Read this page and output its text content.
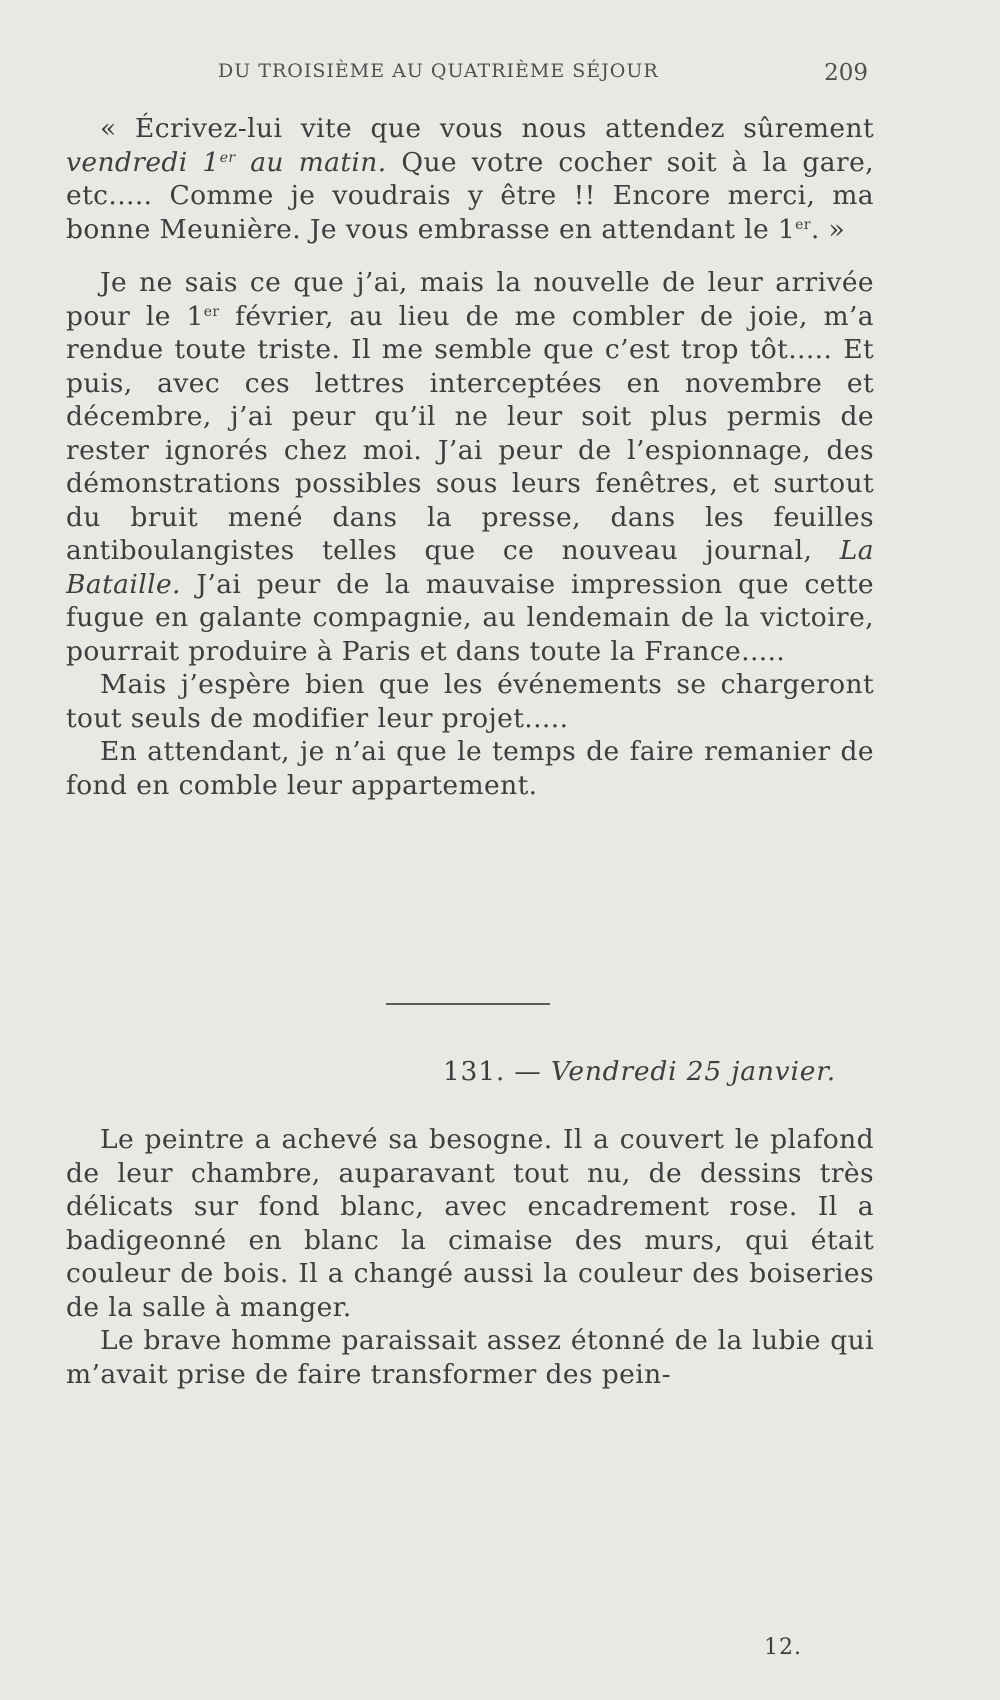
DU TROISIÈME AU QUATRIÈME SÉJOUR	209

« Écrivez-lui vite que vous nous attendez sûrement vendredi 1er au matin. Que votre cocher soit à la gare, etc..... Comme je voudrais y être !! Encore merci, ma bonne Meunière. Je vous embrasse en attendant le 1er. »

Je ne sais ce que j’ai, mais la nouvelle de leur arrivée pour le 1er février, au lieu de me combler de joie, m’a rendue toute triste. Il me semble que c’est trop tôt..... Et puis, avec ces lettres interceptées en novembre et décembre, j’ai peur qu’il ne leur soit plus permis de rester ignorés chez moi. J’ai peur de l’espionnage, des démonstrations possibles sous leurs fenêtres, et surtout du bruit mené dans la presse, dans les feuilles antiboulangistes telles que ce nouveau journal, La Bataille. J’ai peur de la mauvaise impression que cette fugue en galante compagnie, au lendemain de la victoire, pourrait produire à Paris et dans toute la France.....

Mais j’espère bien que les événements se chargeront tout seuls de modifier leur projet.....

En attendant, je n’ai que le temps de faire remanier de fond en comble leur appartement.

131. — Vendredi 25 janvier.

Le peintre a achevé sa besogne. Il a couvert le plafond de leur chambre, auparavant tout nu, de dessins très délicats sur fond blanc, avec encadrement rose. Il a badigeonné en blanc la cimaise des murs, qui était couleur de bois. Il a changé aussi la couleur des boiseries de la salle à manger.

Le brave homme paraissait assez étonné de la lubie qui m’avait prise de faire transformer des pein-

12.
